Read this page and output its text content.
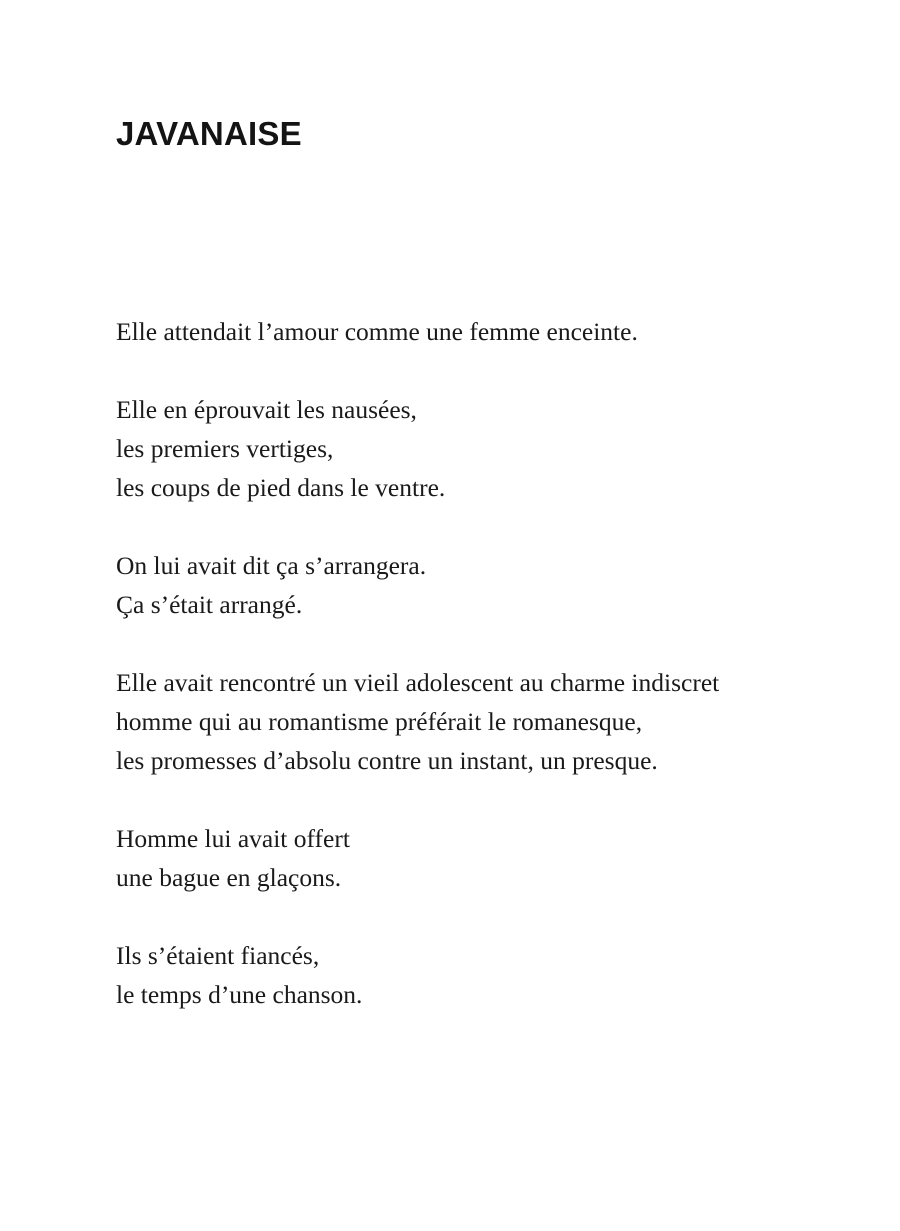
JAVANAISE
Elle attendait l’amour comme une femme enceinte.
Elle en éprouvait les nausées,
les premiers vertiges,
les coups de pied dans le ventre.
On lui avait dit ça s’arrangera.
Ça s’était arrangé.
Elle avait rencontré un vieil adolescent au charme indiscret
homme qui au romantisme préférait le romanesque,
les promesses d’absolu contre un instant, un presque.
Homme lui avait offert
une bague en glaçons.
Ils s’étaient fiancés,
le temps d’une chanson.
